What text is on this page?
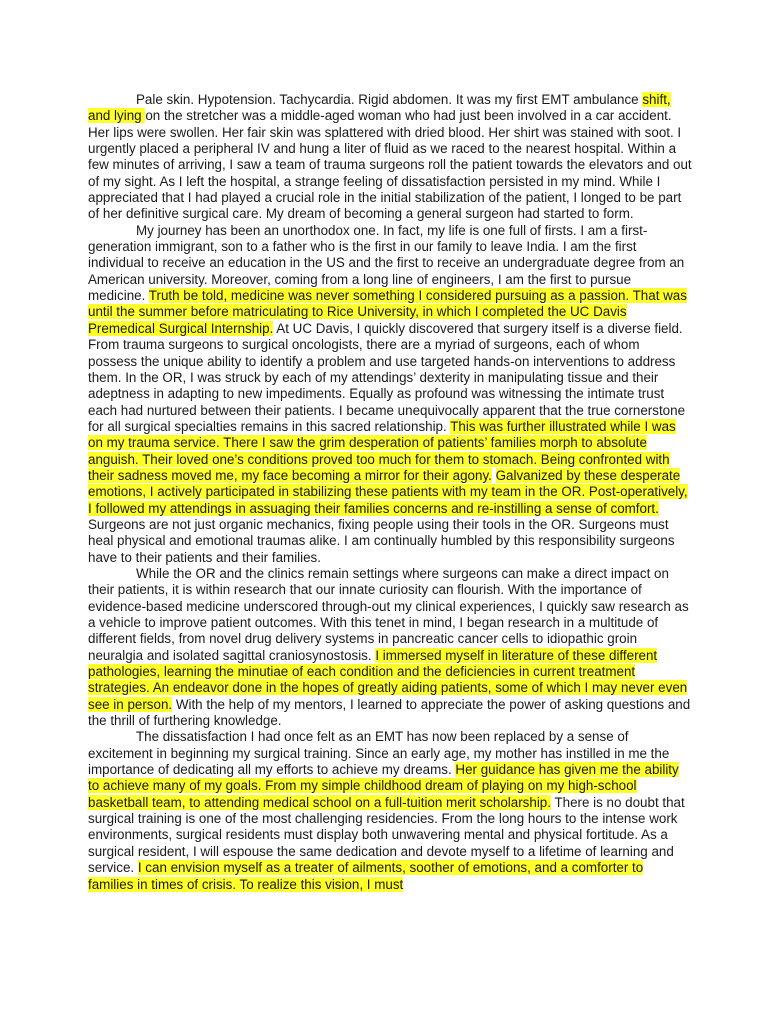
Pale skin. Hypotension. Tachycardia. Rigid abdomen. It was my first EMT ambulance shift, and lying on the stretcher was a middle-aged woman who had just been involved in a car accident. Her lips were swollen. Her fair skin was splattered with dried blood. Her shirt was stained with soot. I urgently placed a peripheral IV and hung a liter of fluid as we raced to the nearest hospital. Within a few minutes of arriving, I saw a team of trauma surgeons roll the patient towards the elevators and out of my sight. As I left the hospital, a strange feeling of dissatisfaction persisted in my mind. While I appreciated that I had played a crucial role in the initial stabilization of the patient, I longed to be part of her definitive surgical care. My dream of becoming a general surgeon had started to form.

My journey has been an unorthodox one. In fact, my life is one full of firsts. I am a first-generation immigrant, son to a father who is the first in our family to leave India. I am the first individual to receive an education in the US and the first to receive an undergraduate degree from an American university. Moreover, coming from a long line of engineers, I am the first to pursue medicine. Truth be told, medicine was never something I considered pursuing as a passion. That was until the summer before matriculating to Rice University, in which I completed the UC Davis Premedical Surgical Internship. At UC Davis, I quickly discovered that surgery itself is a diverse field. From trauma surgeons to surgical oncologists, there are a myriad of surgeons, each of whom possess the unique ability to identify a problem and use targeted hands-on interventions to address them. In the OR, I was struck by each of my attendings’ dexterity in manipulating tissue and their adeptness in adapting to new impediments. Equally as profound was witnessing the intimate trust each had nurtured between their patients. I became unequivocally apparent that the true cornerstone for all surgical specialties remains in this sacred relationship. This was further illustrated while I was on my trauma service. There I saw the grim desperation of patients’ families morph to absolute anguish. Their loved one’s conditions proved too much for them to stomach. Being confronted with their sadness moved me, my face becoming a mirror for their agony. Galvanized by these desperate emotions, I actively participated in stabilizing these patients with my team in the OR. Post-operatively, I followed my attendings in assuaging their families concerns and re-instilling a sense of comfort. Surgeons are not just organic mechanics, fixing people using their tools in the OR. Surgeons must heal physical and emotional traumas alike. I am continually humbled by this responsibility surgeons have to their patients and their families.

While the OR and the clinics remain settings where surgeons can make a direct impact on their patients, it is within research that our innate curiosity can flourish. With the importance of evidence-based medicine underscored through-out my clinical experiences, I quickly saw research as a vehicle to improve patient outcomes. With this tenet in mind, I began research in a multitude of different fields, from novel drug delivery systems in pancreatic cancer cells to idiopathic groin neuralgia and isolated sagittal craniosynostosis. I immersed myself in literature of these different pathologies, learning the minutiae of each condition and the deficiencies in current treatment strategies. An endeavor done in the hopes of greatly aiding patients, some of which I may never even see in person. With the help of my mentors, I learned to appreciate the power of asking questions and the thrill of furthering knowledge.

The dissatisfaction I had once felt as an EMT has now been replaced by a sense of excitement in beginning my surgical training. Since an early age, my mother has instilled in me the importance of dedicating all my efforts to achieve my dreams. Her guidance has given me the ability to achieve many of my goals. From my simple childhood dream of playing on my high-school basketball team, to attending medical school on a full-tuition merit scholarship. There is no doubt that surgical training is one of the most challenging residencies. From the long hours to the intense work environments, surgical residents must display both unwavering mental and physical fortitude. As a surgical resident, I will espouse the same dedication and devote myself to a lifetime of learning and service. I can envision myself as a treater of ailments, soother of emotions, and a comforter to families in times of crisis. To realize this vision, I must
